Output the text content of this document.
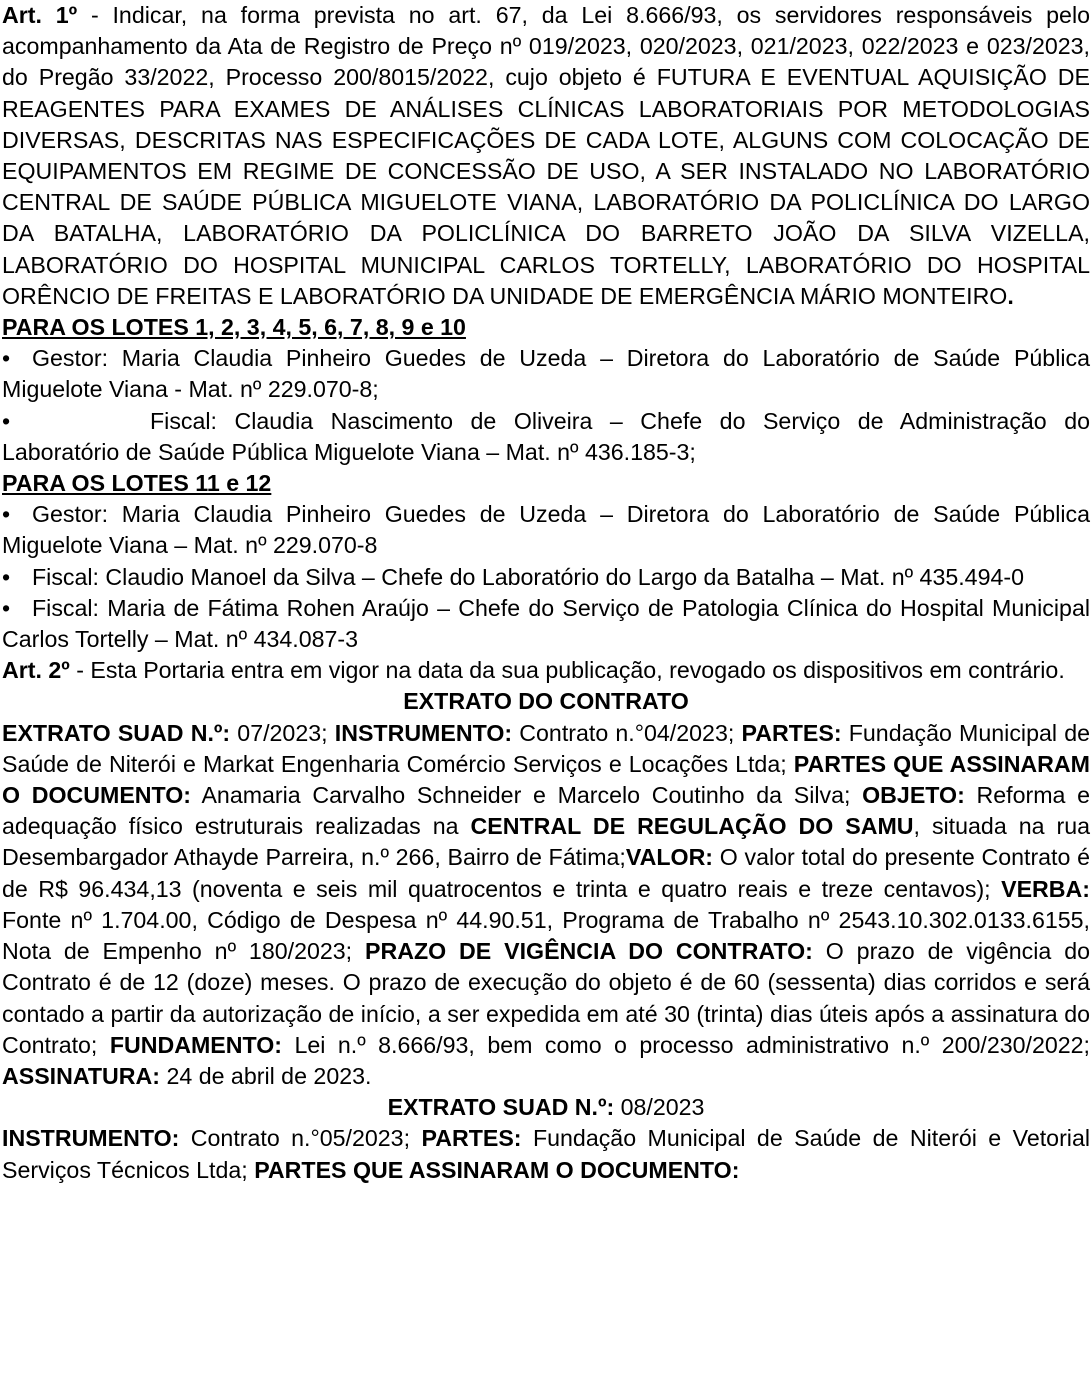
Art. 1º - Indicar, na forma prevista no art. 67, da Lei 8.666/93, os servidores responsáveis pelo acompanhamento da Ata de Registro de Preço nº 019/2023, 020/2023, 021/2023, 022/2023 e 023/2023, do Pregão 33/2022, Processo 200/8015/2022, cujo objeto é FUTURA E EVENTUAL AQUISIÇÃO DE REAGENTES PARA EXAMES DE ANÁLISES CLÍNICAS LABORATORIAIS POR METODOLOGIAS DIVERSAS, DESCRITAS NAS ESPECIFICAÇÕES DE CADA LOTE, ALGUNS COM COLOCAÇÃO DE EQUIPAMENTOS EM REGIME DE CONCESSÃO DE USO, A SER INSTALADO NO LABORATÓRIO CENTRAL DE SAÚDE PÚBLICA MIGUELOTE VIANA, LABORATÓRIO DA POLICLÍNICA DO LARGO DA BATALHA, LABORATÓRIO DA POLICLÍNICA DO BARRETO JOÃO DA SILVA VIZELLA, LABORATÓRIO DO HOSPITAL MUNICIPAL CARLOS TORTELLY, LABORATÓRIO DO HOSPITAL ORÊNCIO DE FREITAS E LABORATÓRIO DA UNIDADE DE EMERGÊNCIA MÁRIO MONTEIRO.

PARA OS LOTES 1, 2, 3, 4, 5, 6, 7, 8, 9 e 10

• Gestor: Maria Claudia Pinheiro Guedes de Uzeda – Diretora do Laboratório de Saúde Pública Miguelote Viana - Mat. nº 229.070-8;

•	Fiscal: Claudia Nascimento de Oliveira – Chefe do Serviço de Administração do Laboratório de Saúde Pública Miguelote Viana – Mat. nº 436.185-3;

PARA OS LOTES 11 e 12

• Gestor: Maria Claudia Pinheiro Guedes de Uzeda – Diretora do Laboratório de Saúde Pública Miguelote Viana – Mat. nº 229.070-8

• Fiscal: Claudio Manoel da Silva – Chefe do Laboratório do Largo da Batalha – Mat. nº 435.494-0

• Fiscal: Maria de Fátima Rohen Araújo – Chefe do Serviço de Patologia Clínica do Hospital Municipal Carlos Tortelly – Mat. nº 434.087-3

Art. 2º - Esta Portaria entra em vigor na data da sua publicação, revogado os dispositivos em contrário.

EXTRATO DO CONTRATO

EXTRATO SUAD N.º: 07/2023; INSTRUMENTO: Contrato n.°04/2023; PARTES: Fundação Municipal de Saúde de Niterói e Markat Engenharia Comércio Serviços e Locações Ltda; PARTES QUE ASSINARAM O DOCUMENTO: Anamaria Carvalho Schneider e Marcelo Coutinho da Silva; OBJETO: Reforma e adequação físico estruturais realizadas na CENTRAL DE REGULAÇÃO DO SAMU, situada na rua Desembargador Athayde Parreira, n.º 266, Bairro de Fátima;VALOR: O valor total do presente Contrato é de R$ 96.434,13 (noventa e seis mil quatrocentos e trinta e quatro reais e treze centavos); VERBA: Fonte nº 1.704.00, Código de Despesa nº 44.90.51, Programa de Trabalho nº 2543.10.302.0133.6155, Nota de Empenho nº 180/2023; PRAZO DE VIGÊNCIA DO CONTRATO: O prazo de vigência do Contrato é de 12 (doze) meses. O prazo de execução do objeto é de 60 (sessenta) dias corridos e será contado a partir da autorização de início, a ser expedida em até 30 (trinta) dias úteis após a assinatura do Contrato; FUNDAMENTO: Lei n.º 8.666/93, bem como o processo administrativo n.º 200/230/2022; ASSINATURA: 24 de abril de 2023.

EXTRATO SUAD N.º: 08/2023

INSTRUMENTO: Contrato n.°05/2023; PARTES: Fundação Municipal de Saúde de Niterói e Vetorial Serviços Técnicos Ltda; PARTES QUE ASSINARAM O DOCUMENTO:
